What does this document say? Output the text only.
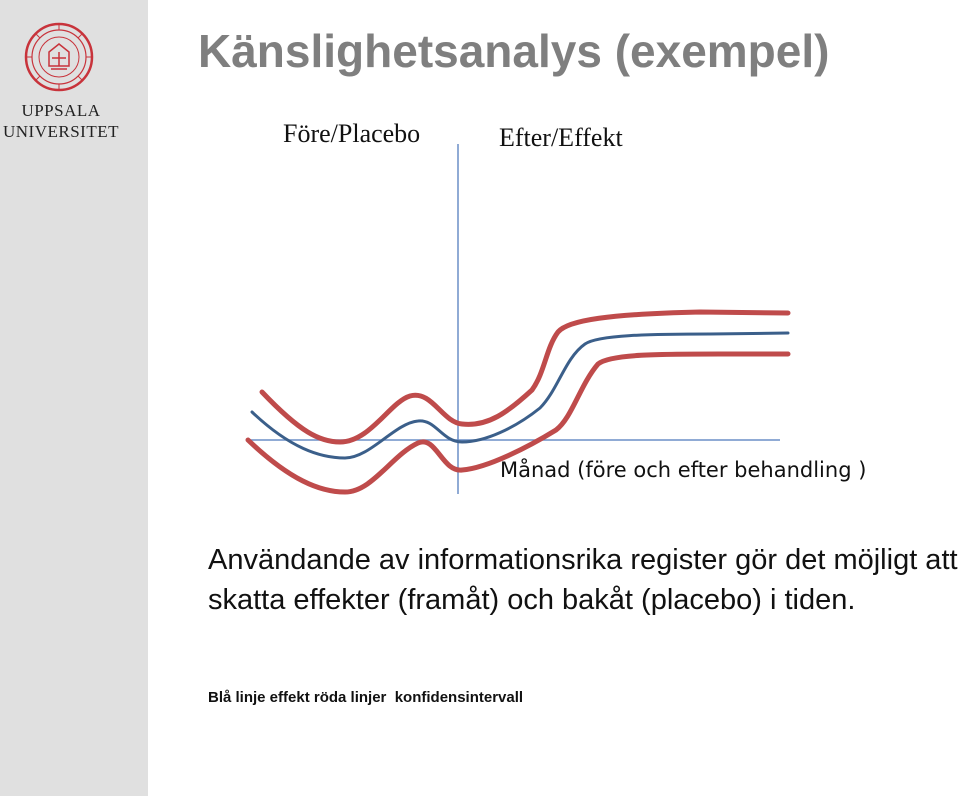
UPPSALA
UNIVERSITET
Känslighetsanalys (exempel)
Före/Placebo	Efter/Effekt
Månad (före och efter behandling )

Användande av informationsrika register gör det möjligt att skatta effekter (framåt) och bakåt (placebo) i tiden.

Blå linje effekt röda linjer  konfidensintervall
